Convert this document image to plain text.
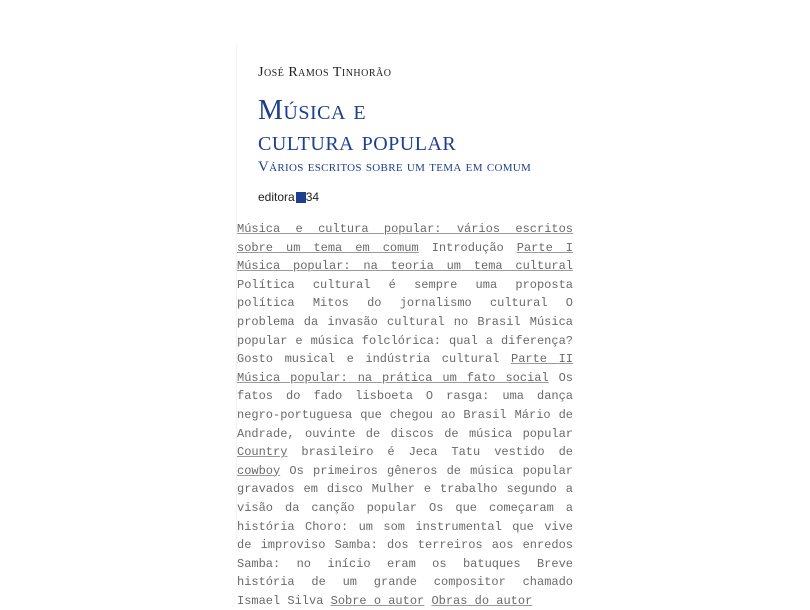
José Ramos Tinhorão
Música e
cultura popular
Vários escritos sobre um tema em comum
editora 34

Música e cultura popular: vários escritos sobre um tema em comum Introdução Parte I Música popular: na teoria um tema cultural Política cultural é sempre uma proposta política Mitos do jornalismo cultural O problema da invasão cultural no Brasil Música popular e música folclórica: qual a diferença? Gosto musical e indústria cultural Parte II Música popular: na prática um fato social Os fatos do fado lisboeta O rasga: uma dança negro-portuguesa que chegou ao Brasil Mário de Andrade, ouvinte de discos de música popular Country brasileiro é Jeca Tatu vestido de cowboy Os primeiros gêneros de música popular gravados em disco Mulher e trabalho segundo a visão da canção popular Os que começaram a história Choro: um som instrumental que vive de improviso Samba: dos terreiros aos enredos Samba: no início eram os batuques Breve história de um grande compositor chamado Ismael Silva Sobre o autor Obras do autor
